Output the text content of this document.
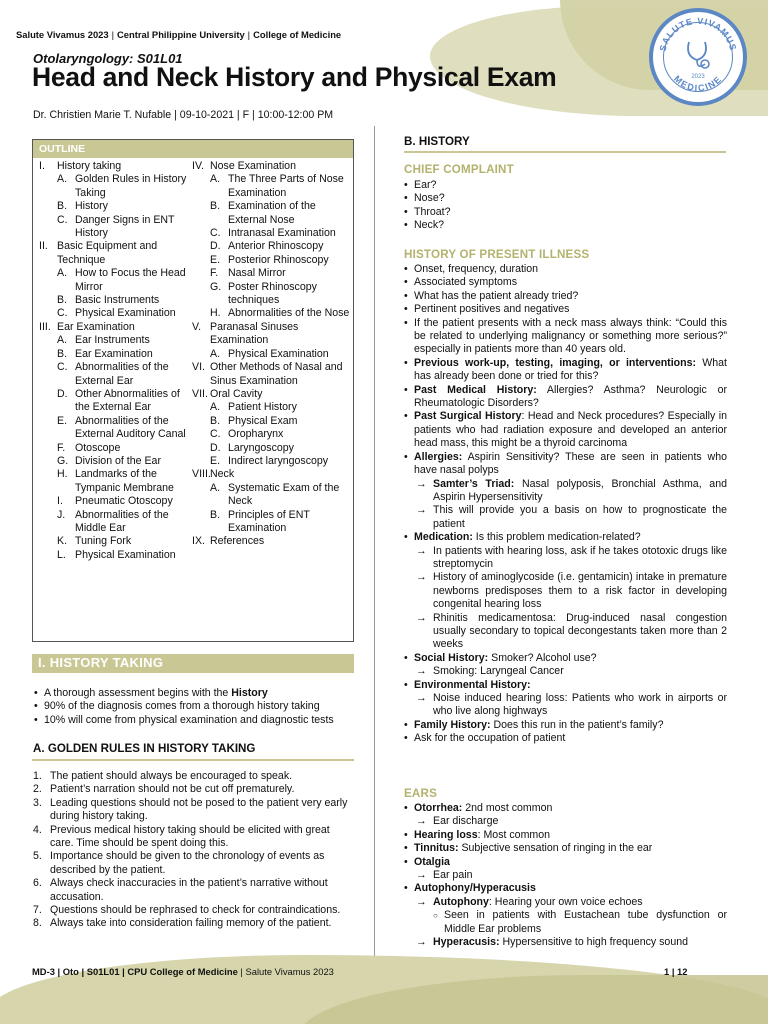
Salute Vivamus 2023 | Central Philippine University | College of Medicine
SALUTE VIVAMUS
MEDICINE
2023
Otolaryngology: S01L01
Head and Neck History and Physical Exam
Dr. Christien Marie T. Nufable | 09-10-2021 | F | 10:00-12:00 PM
OUTLINE
I.	History taking
A. Golden Rules in History Taking
B. History
C. Danger Signs in ENT History
II. Basic Equipment and Technique
A. How to Focus the Head Mirror
B. Basic Instruments
C. Physical Examination
III. Ear Examination
A. Ear Instruments
B. Ear Examination
C. Abnormalities of the External Ear
D. Other Abnormalities of the External Ear
E. Abnormalities of the External Auditory Canal
F. Otoscope
G. Division of the Ear
H. Landmarks of the Tympanic Membrane
I.	Pneumatic Otoscopy
J. Abnormalities of the Middle Ear
K. Tuning Fork
L. Physical Examination
IV. Nose Examination
A. The Three Parts of Nose Examination
B. Examination of the External Nose
C. Intranasal Examination
D. Anterior Rhinoscopy
E. Posterior Rhinoscopy
F. Nasal Mirror
G. Poster Rhinoscopy techniques
H. Abnormalities of the Nose
V. Paranasal Sinuses Examination
A. Physical Examination
VI. Other Methods of Nasal and Sinus Examination
VII. Oral Cavity
A. Patient History
B. Physical Exam
C. Oropharynx
D. Laryngoscopy
E. Indirect laryngoscopy
VIII. Neck
A. Systematic Exam of the Neck
B. Principles of ENT Examination
IX. References
I. HISTORY TAKING
• A thorough assessment begins with the History
• 90% of the diagnosis comes from a thorough history taking
• 10% will come from physical examination and diagnostic tests
A. GOLDEN RULES IN HISTORY TAKING
1. The patient should always be encouraged to speak.
2. Patient’s narration should not be cut off prematurely.
3. Leading questions should not be posed to the patient very early during history taking.
4. Previous medical history taking should be elicited with great care. Time should be spent doing this.
5. Importance should be given to the chronology of events as described by the patient.
6. Always check inaccuracies in the patient’s narrative without accusation.
7. Questions should be rephrased to check for contraindications.
8. Always take into consideration failing memory of the patient.
B. HISTORY
CHIEF COMPLAINT
• Ear?
• Nose?
• Throat?
• Neck?
HISTORY OF PRESENT ILLNESS
• Onset, frequency, duration
• Associated symptoms
• What has the patient already tried?
• Pertinent positives and negatives
• If the patient presents with a neck mass always think: “Could this be related to underlying malignancy or something more serious?” especially in patients more than 40 years old.
• Previous work-up, testing, imaging, or interventions: What has already been done or tried for this?
• Past Medical History: Allergies? Asthma? Neurologic or Rheumatologic Disorders?
• Past Surgical History: Head and Neck procedures? Especially in patients who had radiation exposure and developed an anterior head mass, this might be a thyroid carcinoma
• Allergies: Aspirin Sensitivity? These are seen in patients who have nasal polyps
→ Samter’s Triad: Nasal polyposis, Bronchial Asthma, and Aspirin Hypersensitivity
→ This will provide you a basis on how to prognosticate the patient
• Medication: Is this problem medication-related?
→ In patients with hearing loss, ask if he takes ototoxic drugs like streptomycin
→ History of aminoglycoside (i.e. gentamicin) intake in premature newborns predisposes them to a risk factor in developing congenital hearing loss
→ Rhinitis medicamentosa: Drug-induced nasal congestion usually secondary to topical decongestants taken more than 2 weeks
• Social History: Smoker? Alcohol use?
→ Smoking: Laryngeal Cancer
• Environmental History:
→ Noise induced hearing loss: Patients who work in airports or who live along highways
• Family History: Does this run in the patient’s family?
• Ask for the occupation of patient
EARS
• Otorrhea: 2nd most common
→ Ear discharge
• Hearing loss: Most common
• Tinnitus: Subjective sensation of ringing in the ear
• Otalgia
→ Ear pain
• Autophony/Hyperacusis
→ Autophony: Hearing your own voice echoes
○ Seen in patients with Eustachean tube dysfunction or Middle Ear problems
→ Hyperacusis: Hypersensitive to high frequency sound
MD-3 | Oto | S01L01 | CPU College of Medicine | Salute Vivamus 2023	1 | 12
